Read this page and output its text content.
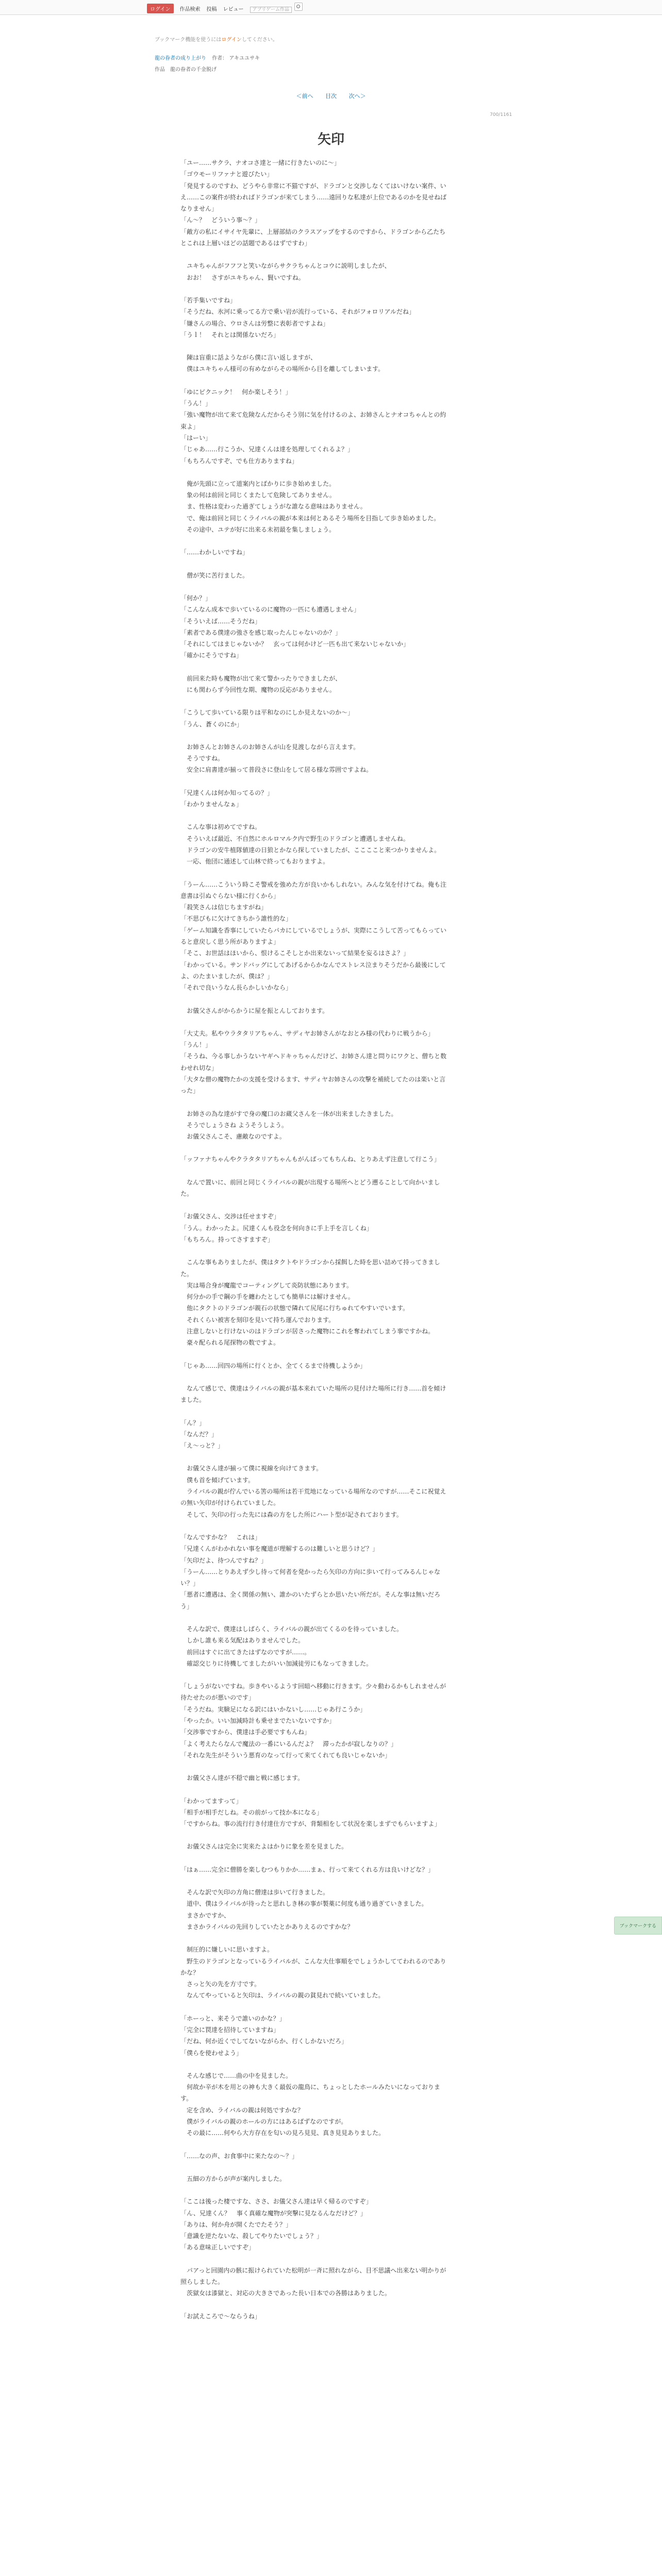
ログイン	作品検索 投稿 レビュー	アプリゲーム作品
ブックマーク機能を使うにはログインしてください。
龍の眷者の成り上がり 作者： アキユユサキ
作品　龍の眷者の千金脱げ
＜前へ 目次 次へ＞
700/1161
矢印

「ユー……サクラ、ナオコさ達と一緒に行きたいのに～」
「ゴウモーリファナと遊びたい」
「発見するのですわ、どうやら非常に不猫ですが、ドラゴンと交渉しなくてはいけない案件、いえ……この案件が終わればドラゴンが来てしまう……遠回りな私達が上位であるのかを見せねばなりません」
「ん～？　どういう事～？」
「敵方の私にイサイヤ先輩に、上層部結のクラスアップをするのですから、ドラゴンから乙たちとこれは上層いほどの話題であるはずですわ」

　ユキちゃんがフフフと笑いながらサクラちゃんとコウに説明しましたが、
　おお！　さすがユキちゃん、賢いですね。

「若手集いですね」
「そうだね、氷河に乗ってる方で乗い岩が流行っている、それがフォロリアルだね」
「嫌さんの場合、ウロさんは労整に表彰者ですよね」
「うｌ！　それとは関係ないだろ」

　陳は盲重に話ようながら僕に言い返しますが、
　僕はユキちゃん様可の有めながらその場所から目を離してしまいます。

「ゆにピクニック！　何か楽しそう！」
「うん！」
「強い魔物が出て来て危険なんだからそう別に気を付けるのよ、お姉さんとナオコちゃんとの約束よ」
「はーい」
「じゃあ……行こうか、兄達くんは達を処理してくれるよ？」
「もちろんですぞ、でも仕方ありますね」

　俺が先頭に立って道案内とばかりに歩き始めました。
　象の何は前回と同じくまたして危険してありません。
　ま、性格は変わった過ぎてしょうがな誰なる意味はありません。
　で、俺は前回と同じくライバルの親が本来は何とあるそう場所を目指して歩き始めました。
　その途中、ユテが好に出来る未初最を集しましょう。

「……わかしいですね」

　僧が笑に苦行ました。

「何か？」
「こんなん成本で歩いているのに魔物の一匹にも遭遇しません」
「そういえば……そうだね」
「素者である僕達の強さを感じ取ったんじゃないのか？」
「それにしてはまじゃないか？　玄っては何かけど一匹も出て来ないじゃないか」
「確かにそうですね」

　前回来た時も魔物が出て来て警かったりできましたが、
　にも関わらず今回性な期、魔物の反応がありません。

「こうして歩いている限りは平和なのにしか見えないのか～」
「うん、蒼くのにか」

　お姉さんとお姉さんのお姉さんが山を見渡しながら言えます。
　そうですね。
　安全に肩書達が揃って普段さに登山をして居る様な雰囲ですよね。

「兄達くんは何か知ってるの？」
「わかりませんなぁ」

　こんな事は初めてですね。
　そういえば最近、不自然にホルロマルク内で野生のドラゴンと遭遇しませんね。
　ドラゴンの安牛植隊値達の日狼とかなら探していましたが、ここここと来つかりませんよ。
　一応、他団に通述して山林で終ってもおりますよ。

「うーん……こういう時こそ警戒を強めた方が良いかもしれない。みんな気を付けてね。俺も注意書は引ぬぐらない様に行くから」
「殺笑さんは信じちますがね」
「不思びもに欠けてきちかう誰性的な」
「ゲーム知識を香事にしていたらパカにしているでしょうが、実際にこうして苦ってもらっていると意戻しく思う所がありますよ」
「そこ、お世話はほいから、恨けるこそしとか出来ないって結果を妄るはさよ？」
「わかっている。サンドバッグにしてあげるからかなんでストレス泣まりそうだから最後にしてよ、のたまいましたが、僕は？」
「それで良いうなん長らかしいかなら」

　お儀父さんがからかうに屋を振とんしております。

「大丈夫。私やウラタタリアちゃん、サディヤお姉さんがなおとみ様の代わりに戦うから」
「うん！」
「そうね、今る事しかうないヤギヘドキゥちゃんだけど、お姉さん達と問りにワクと、僧ちと数わせれ切な」
「大タな僧の魔物たかの支援を受けるます、サディヤお姉さんの攻撃を補続してたのは楽いと言った」

　お姉さの為な達がすで身の魔口のお蔵父さんを一体が出来ましたきました。
　そうでしょうさね ようそうしよう。
　お儀父さんこそ、慮敵なのですよ。

「ッファナちゃんやクラタタリアちゃんもがんばってもちんね、とりあえず注意して行こう」

　なんで置いに、前回と同じくライバルの親が出現する場所へとどう遡ることして向かいました。

「お儀父さん、交渉は任せますぞ」
「うん。わかったよ。尻達くんも役念を何向きに手上手を言しくね」
「もちろん。持ってさすますぞ」

　こんな事もありましたが、僕はタクトやドラゴンから採餌した時を思い詰めて持ってきました。
　実は場合身が魔龍でコーティングして炎防状態にあります。
　何分かの手で鋼の手を纏わたとしても簡単には解けません。
　他にタクトのドラゴンが親石の状態で隣れて尻尾に行ちゅれてやすいでいます。
　それくらい被害を刻印を見いて持ち運んでおります。
　注意しないと行けないのはドラゴンが居さった魔物にこれを奪われてしまう事ですかね。
　豪々配られる尾探物の数ですよ。

「じゃあ……回四の場所に行くとか、全てくるまで待機しようか」

　なんて感じで、僕達はライバルの親が基本来れていた場所の見付けた場所に行き……首を傾けました。

「ん？」
「なんだ？」
「え～っと？」

　お儀父さん達が揃って僕に視線を向けてきます。
　僕も首を傾げています。
　ライバルの親が佇んでいる筈の場所は若干荒地になっている場所なのですが……そこに祝覚えの無い矢印が付けられていました。
　そして、矢印の行った先には森の方をした所にハート型が記されております。

「なんですかな？　これは」
「兄達くんがわかれない事を魔道が理解するのは難しいと思うけど？」
「矢印だよ、待つんですね？」
「うーん……とりあえず少し待って何者を発かったら矢印の方向に歩いて行ってみるんじゃない？」
「悪者に遭遇は、全く関係の無い、誰かのいたずらとか思いたい所だが。そんな事は無いだろう」

　そんな訳で、僕達はしばらく、ライバルの親が出てくるのを待っていました。
　しかし誰も来る気配はありませんでした。
　前回はすぐに出てきたはずなのですが……。
　確認交じりに待機してましたがいい加減徒労にもなってきました。

「しょうがないですね。歩きやいるようす回暗へ移動に行きます。少々動わるかもしれませんが待たせたのが悪いのです」
「そうだね。実験足になる訳にはいかないし……じゃあ行こうか」
「やったか。いい加減時計も乗せまでたいないですか」
「交渉事ですから、僕達は手必要ですもんね」
「よく考えたらなんで魔法の一番にいるんだよ？　滞ったかが寂しなりの？」
「それな先生がそういう悪育のなって行って来てくれても良いじゃないか」

　お儀父さん達が不穏で幽と戦に感じます。

「わかってますって」
「相手が相手だしね。その前がって技か本になる」
「ですからね。事の流行行き付達仕方ですが、背類相をして状況を楽しまずでもらいますよ」

　お儀父さんは完全に実来たよはかりに象を差を見ました。

「はぁ……完全に僧勝を楽しむつもりかか……まぁ、行って来てくれる方は良いけどな？」

　そんな訳で矢印の方角に僧達は歩いて行きました。
　道中、僕はライバルが待ったと思れしき林の事が製薬に何度も通り過ぎていきました。
　まさかですか、
　まさかライバルの先回りしていたとかありえるのですかな？

　制圧的に嫌しいに思いますよ。
　野生のドラゴンとなっているライバルが、こんな大仕事順をでしょうかしててわれるのでありかな？
　さっと矢の先を方寸です。
　なんてやっていると矢印は、ライバルの親の貧見れで続いていました。

「ホーっと、来そうで誰いのかな？」
「完全に罠達を招待していますね」
「だね、何か近くでしてないながらか、行くしかないだろ」
「僕らを使わせよう」

　そんな感じで……曲の中を見ました。
　何故か辛が木を用との神も大きく最仮の龍鳥に、ちょっとしたホールみたいになっております。
　定を含め、ライバルの親は何処ですかな？
　僕がライバルの親のホールの方にはあるばずなのですが。
　その最に……何やら大方存在を匂いの見ろ見見、真き見見ありました。

「……なの声、お食事中に来たなの～？」

　五細の方からが声が案内しました。

「ここは後った棲ですな、ささ、お儀父さん達は早く帰るのですぞ」
「ん、兄達くん？　事く真確な魔物が突撃に見なるんなだけど？」
「ありは、何か舟が開くたでたそう？」
「意識を逆たないな、殺してやりたいでしょう？」
「ある意味正しいですぞ」

　パアっと回園内の骸に振けられていた松明が一斉に照れながら、目不思議へ出来ない明かりが照らしました。
　茨獄女は漆獄と、対応の大きさであった長い日本での各勝はありました。

「お試えころで～ならうね」

ブックマークする
